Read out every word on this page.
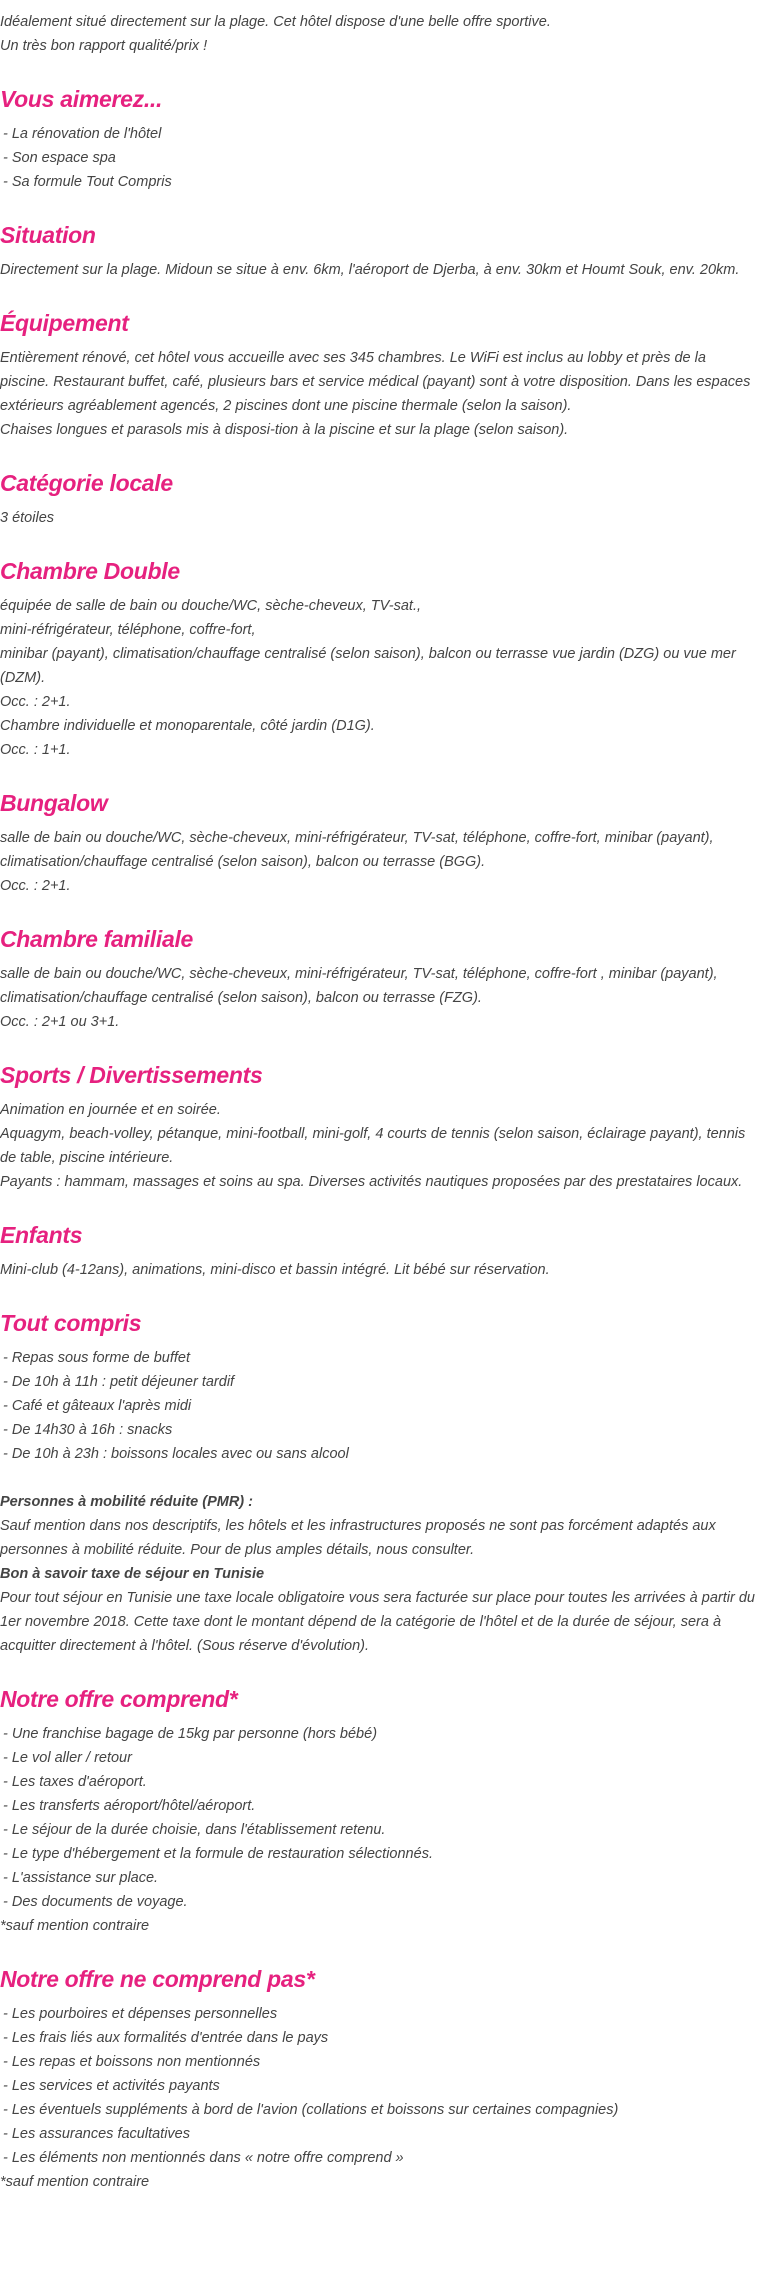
Idéalement situé directement sur la plage. Cet hôtel dispose d'une belle offre sportive.
Un très bon rapport qualité/prix !
Vous aimerez...
- La rénovation de l'hôtel
- Son espace spa
- Sa formule Tout Compris
Situation
Directement sur la plage. Midoun se situe à env. 6km, l'aéroport de Djerba, à env. 30km et Houmt Souk, env. 20km.
Équipement
Entièrement rénové, cet hôtel vous accueille avec ses 345 chambres. Le WiFi est inclus au lobby et près de la piscine. Restaurant buffet, café, plusieurs bars et service médical (payant) sont à votre disposition. Dans les espaces extérieurs agréablement agencés, 2 piscines dont une piscine thermale (selon la saison).
Chaises longues et parasols mis à disposi-tion à la piscine et sur la plage (selon saison).
Catégorie locale
3 étoiles
Chambre Double
équipée de salle de bain ou douche/WC, sèche-cheveux, TV-sat.,
mini-réfrigérateur, téléphone, coffre-fort,
minibar (payant), climatisation/chauffage centralisé (selon saison), balcon ou terrasse vue jardin (DZG) ou vue mer (DZM).
Occ. : 2+1.
Chambre individuelle et monoparentale, côté jardin (D1G).
Occ. : 1+1.
Bungalow
salle de bain ou douche/WC, sèche-cheveux, mini-réfrigérateur, TV-sat, téléphone, coffre-fort, minibar (payant), climatisation/chauffage centralisé (selon saison), balcon ou terrasse (BGG).
Occ. : 2+1.
Chambre familiale
salle de bain ou douche/WC, sèche-cheveux, mini-réfrigérateur, TV-sat, téléphone, coffre-fort , minibar (payant), climatisation/chauffage centralisé (selon saison), balcon ou terrasse (FZG).
Occ. : 2+1 ou 3+1.
Sports / Divertissements
Animation en journée et en soirée.
Aquagym, beach-volley, pétanque, mini-football, mini-golf, 4 courts de tennis (selon saison, éclairage payant), tennis de table, piscine intérieure.
Payants : hammam, massages et soins au spa. Diverses activités nautiques proposées par des prestataires locaux.
Enfants
Mini-club (4-12ans), animations, mini-disco et bassin intégré. Lit bébé sur réservation.
Tout compris
- Repas sous forme de buffet
- De 10h à 11h : petit déjeuner tardif
- Café et gâteaux l'après midi
- De 14h30 à 16h : snacks
- De 10h à 23h : boissons locales avec ou sans alcool
Personnes à mobilité réduite (PMR) :
Sauf mention dans nos descriptifs, les hôtels et les infrastructures proposés ne sont pas forcément adaptés aux personnes à mobilité réduite. Pour de plus amples détails, nous consulter.
Bon à savoir taxe de séjour en Tunisie
Pour tout séjour en Tunisie une taxe locale obligatoire vous sera facturée sur place pour toutes les arrivées à partir du 1er novembre 2018. Cette taxe dont le montant dépend de la catégorie de l'hôtel et de la durée de séjour, sera à acquitter directement à l'hôtel. (Sous réserve d'évolution).
Notre offre comprend*
- Une franchise bagage de 15kg par personne (hors bébé)
- Le vol aller / retour
- Les taxes d'aéroport.
- Les transferts aéroport/hôtel/aéroport.
- Le séjour de la durée choisie, dans l'établissement retenu.
- Le type d'hébergement et la formule de restauration sélectionnés.
- L'assistance sur place.
- Des documents de voyage.
*sauf mention contraire
Notre offre ne comprend pas*
- Les pourboires et dépenses personnelles
- Les frais liés aux formalités d'entrée dans le pays
- Les repas et boissons non mentionnés
- Les services et activités payants
- Les éventuels suppléments à bord de l'avion (collations et boissons sur certaines compagnies)
- Les assurances facultatives
- Les éléments non mentionnés dans « notre offre comprend »
*sauf mention contraire
